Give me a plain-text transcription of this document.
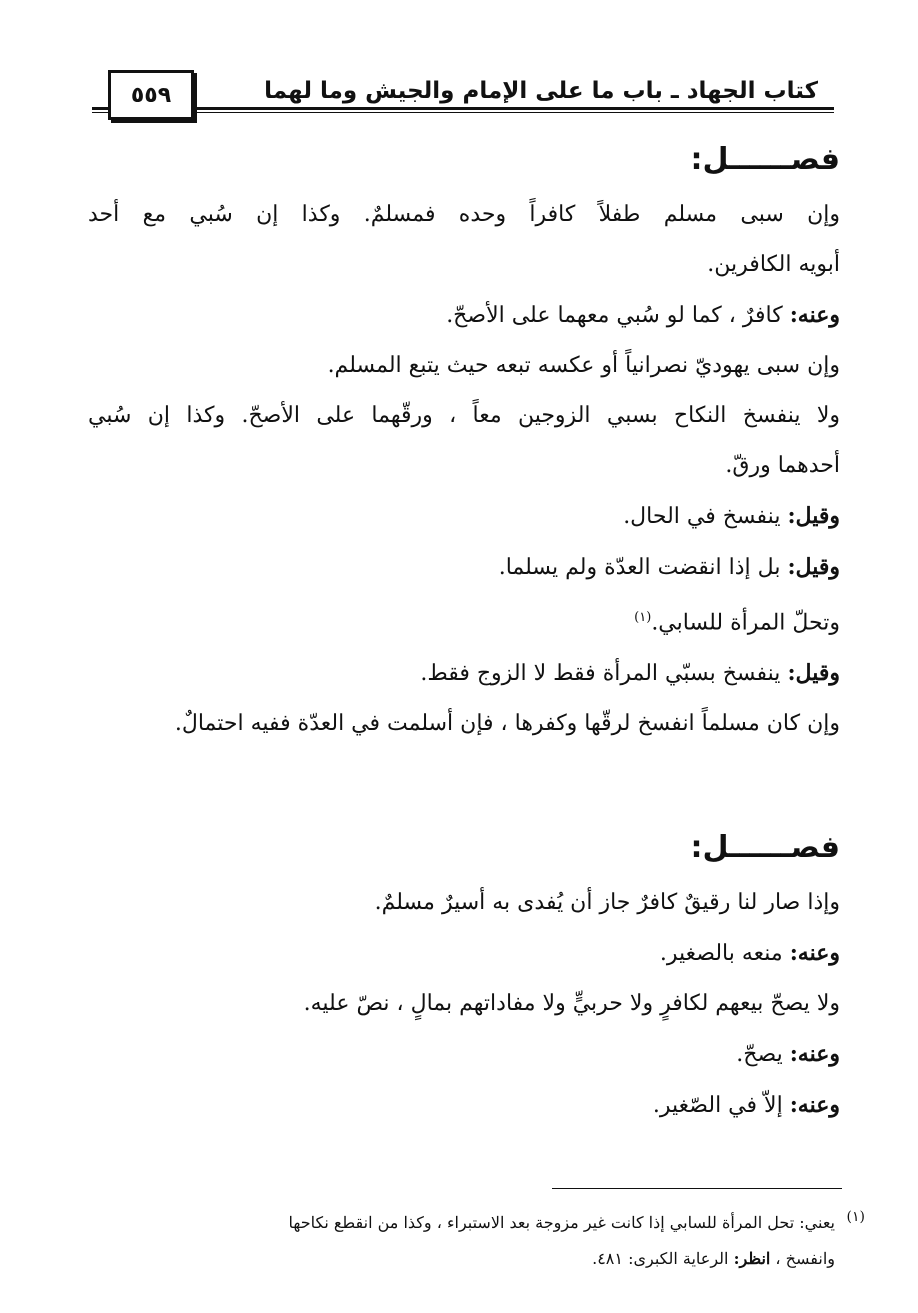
٥٥٩	كتاب الجهاد ـ باب ما على الإمام والجيش وما لهما
فصــــــل:
وإن سبى مسلم طفلاً كافراً وحده فمسلمٌ. وكذا إن سُبي مع أحد
أبويه الكافرين.
وعنه: كافرٌ ، كما لو سُبي معهما على الأصحّ.
وإن سبى يهوديّ نصرانياً أو عكسه تبعه حيث يتبع المسلم.
ولا ينفسخ النكاح بسبي الزوجين معاً ، ورقّهما على الأصحّ. وكذا إن سُبي
أحدهما ورقّ.
وقيل: ينفسخ في الحال.
وقيل: بل إذا انقضت العدّة ولم يسلما.
وتحلّ المرأة للسابي.$^{(١)}$
وقيل: ينفسخ بسبّي المرأة فقط لا الزوج فقط.
وإن كان مسلماً انفسخ لرقّها وكفرها ، فإن أسلمت في العدّة ففيه احتمالٌ.
فصــــــل:
وإذا صار لنا رقيقٌ كافرٌ جاز أن يُفدى به أسيرٌ مسلمٌ.
وعنه: منعه بالصغير.
ولا يصحّ بيعهم لكافرٍ ولا حربيٍّ ولا مفاداتهم بمالٍ ، نصّ عليه.
وعنه: يصحّ.
وعنه: إلاّ في الصّغير.
(١)
يعني: تحل المرأة للسابي إذا كانت غير مزوجة بعد الاستبراء ، وكذا من انقطع نكاحها
وانفسخ ، انظر: الرعاية الكبرى: ٤٨١.
